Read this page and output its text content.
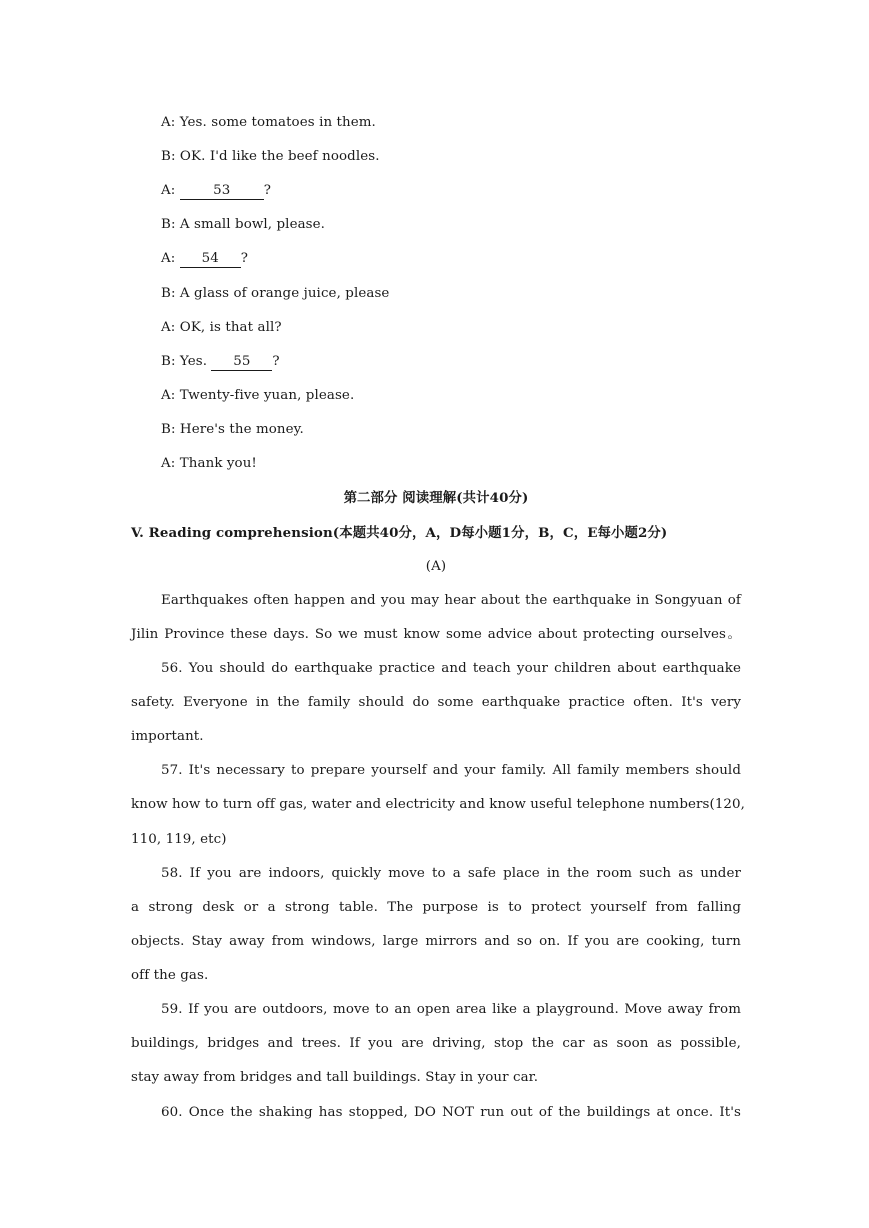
A: Yes. some tomatoes in them.
B: OK. I'd like the beef noodles.
A:	53 ?
B: A small bowl, please.
A: 54 ?
B: A glass of orange juice, please
A: OK, is that all?
B: Yes. 55 ?
A: Twenty-five yuan, please.
B: Here's the money.
A: Thank you!
第二部分 阅读理解(共计40分)
V. Reading comprehension(本题共40分，A，D每小题1分，B，C，E每小题2分)
(A)
Earthquakes often happen and you may hear about the earthquake in Songyuan of
Jilin Province these days. So we must know some advice about protecting ourselves。
56. You should do earthquake practice and teach your children about earthquake
safety. Everyone in the family should do some earthquake practice often. It's very
important.
57. It's necessary to prepare yourself and your family. All family members should
know how to turn off gas, water and electricity and know useful telephone numbers(120,
110, 119, etc)
58. If you are indoors, quickly move to a safe place in the room such as under
a strong desk or a strong table. The purpose is to protect yourself from falling
objects. Stay away from windows, large mirrors and so on. If you are cooking, turn
off the gas.
59. If you are outdoors, move to an open area like a playground. Move away from
buildings, bridges and trees. If you are driving, stop the car as soon as possible,
stay away from bridges and tall buildings. Stay in your car.
60. Once the shaking has stopped, DO NOT run out of the buildings at once. It's
